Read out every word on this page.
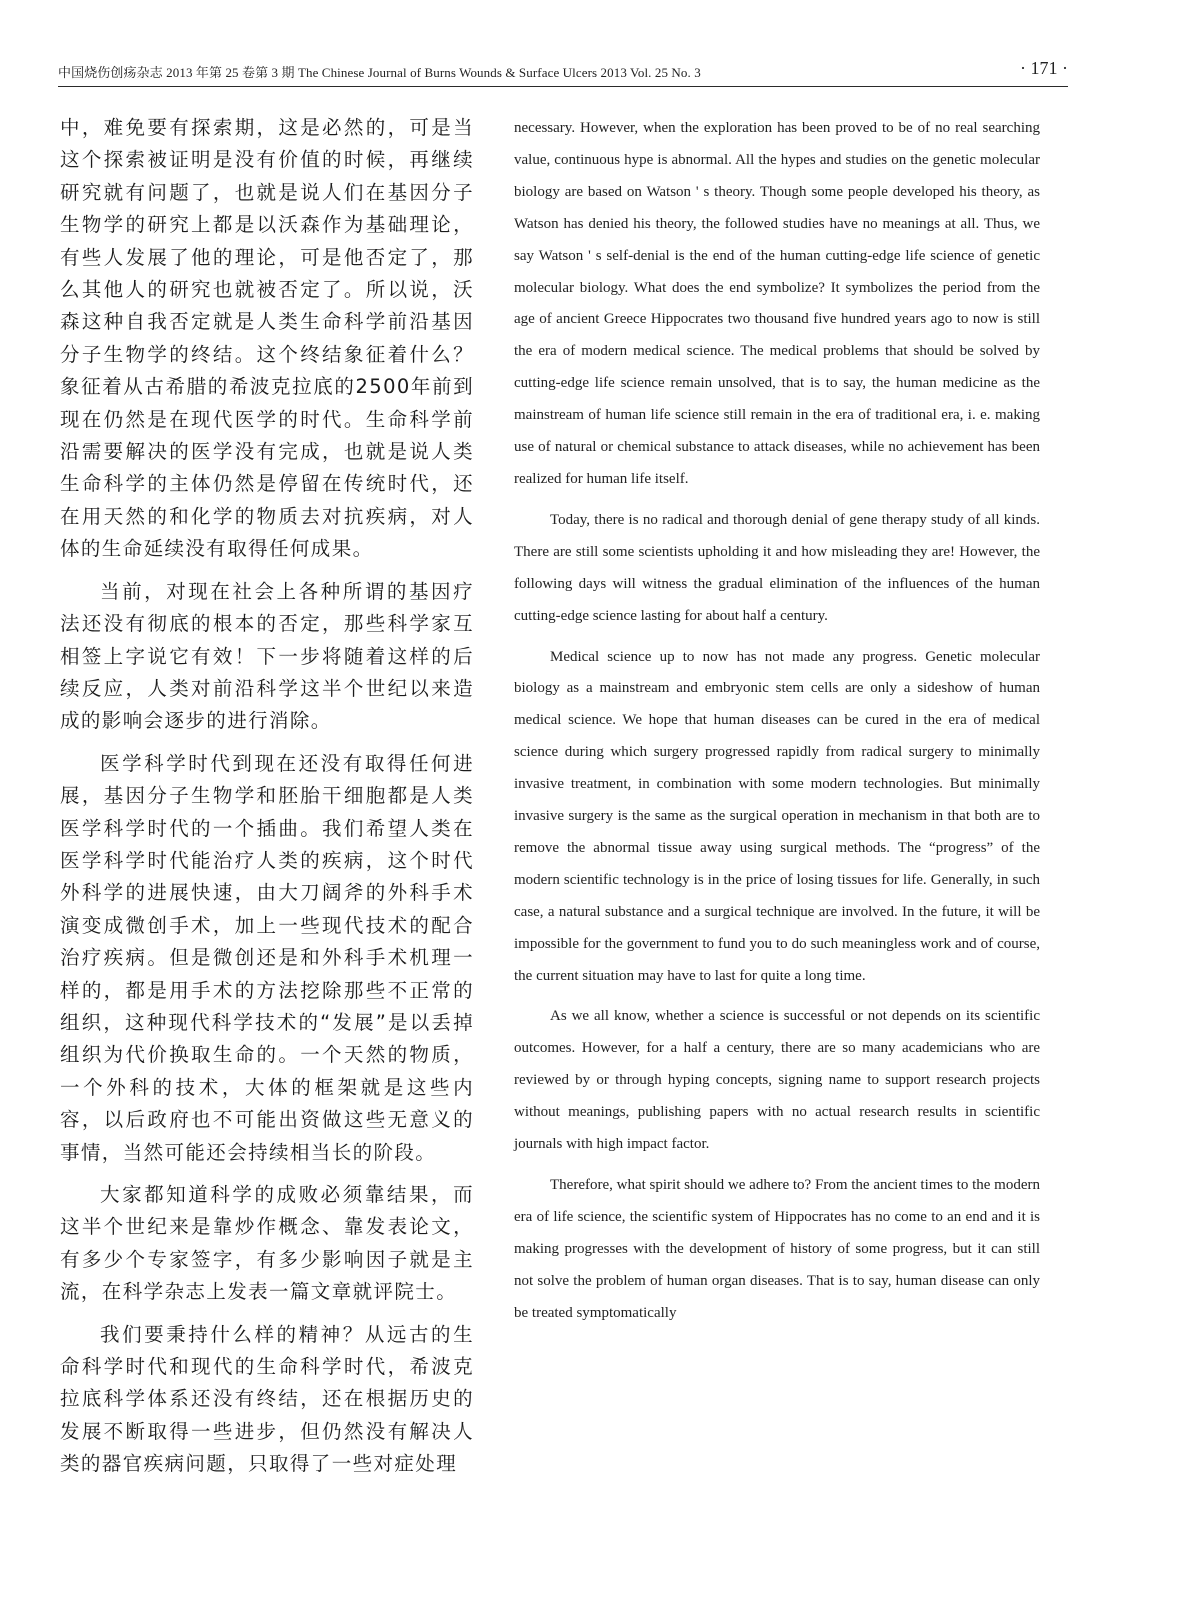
中国烧伤创疡杂志 2013 年第 25 卷第 3 期 The Chinese Journal of Burns Wounds & Surface Ulcers 2013 Vol. 25 No. 3	· 171 ·

中，难免要有探索期，这是必然的，可是当这个探索被证明是没有价值的时候，再继续研究就有问题了，也就是说人们在基因分子生物学的研究上都是以沃森作为基础理论，有些人发展了他的理论，可是他否定了，那么其他人的研究也就被否定了。所以说，沃森这种自我否定就是人类生命科学前沿基因分子生物学的终结。这个终结象征着什么？象征着从古希腊的希波克拉底的2500年前到现在仍然是在现代医学的时代。生命科学前沿需要解决的医学没有完成，也就是说人类生命科学的主体仍然是停留在传统时代，还在用天然的和化学的物质去对抗疾病，对人体的生命延续没有取得任何成果。

当前，对现在社会上各种所谓的基因疗法还没有彻底的根本的否定，那些科学家互相签上字说它有效！下一步将随着这样的后续反应，人类对前沿科学这半个世纪以来造成的影响会逐步的进行消除。

医学科学时代到现在还没有取得任何进展，基因分子生物学和胚胎干细胞都是人类医学科学时代的一个插曲。我们希望人类在医学科学时代能治疗人类的疾病，这个时代外科学的进展快速，由大刀阔斧的外科手术演变成微创手术，加上一些现代技术的配合治疗疾病。但是微创还是和外科手术机理一样的，都是用手术的方法挖除那些不正常的组织，这种现代科学技术的“发展”是以丢掉组织为代价换取生命的。一个天然的物质，一个外科的技术，大体的框架就是这些内容，以后政府也不可能出资做这些无意义的事情，当然可能还会持续相当长的阶段。

大家都知道科学的成败必须靠结果，而这半个世纪来是靠炒作概念、靠发表论文，有多少个专家签字，有多少影响因子就是主流，在科学杂志上发表一篇文章就评院士。

我们要秉持什么样的精神？从远古的生命科学时代和现代的生命科学时代，希波克拉底科学体系还没有终结，还在根据历史的发展不断取得一些进步，但仍然没有解决人类的器官疾病问题，只取得了一些对症处理

necessary. However, when the exploration has been proved to be of no real searching value, continuous hype is abnormal. All the hypes and studies on the genetic molecular biology are based on Watson ' s theory. Though some people developed his theory, as Watson has denied his theory, the followed studies have no meanings at all. Thus, we say Watson ' s self-denial is the end of the human cutting-edge life science of genetic molecular biology. What does the end symbolize? It symbolizes the period from the age of ancient Greece Hippocrates two thousand five hundred years ago to now is still the era of modern medical science. The medical problems that should be solved by cutting-edge life science remain unsolved, that is to say, the human medicine as the mainstream of human life science still remain in the era of traditional era, i. e. making use of natural or chemical substance to attack diseases, while no achievement has been realized for human life itself.

Today, there is no radical and thorough denial of gene therapy study of all kinds. There are still some scientists upholding it and how misleading they are! However, the following days will witness the gradual elimination of the influences of the human cutting-edge science lasting for about half a century.

Medical science up to now has not made any progress. Genetic molecular biology as a mainstream and embryonic stem cells are only a sideshow of human medical science. We hope that human diseases can be cured in the era of medical science during which surgery progressed rapidly from radical surgery to minimally invasive treatment, in combination with some modern technologies. But minimally invasive surgery is the same as the surgical operation in mechanism in that both are to remove the abnormal tissue away using surgical methods. The “progress” of the modern scientific technology is in the price of losing tissues for life. Generally, in such case, a natural substance and a surgical technique are involved. In the future, it will be impossible for the government to fund you to do such meaningless work and of course, the current situation may have to last for quite a long time.

As we all know, whether a science is successful or not depends on its scientific outcomes. However, for a half a century, there are so many academicians who are reviewed by or through hyping concepts, signing name to support research projects without meanings, publishing papers with no actual research results in scientific journals with high impact factor.

Therefore, what spirit should we adhere to? From the ancient times to the modern era of life science, the scientific system of Hippocrates has no come to an end and it is making progresses with the development of history of some progress, but it can still not solve the problem of human organ diseases. That is to say, human disease can only be treated symptomatically
